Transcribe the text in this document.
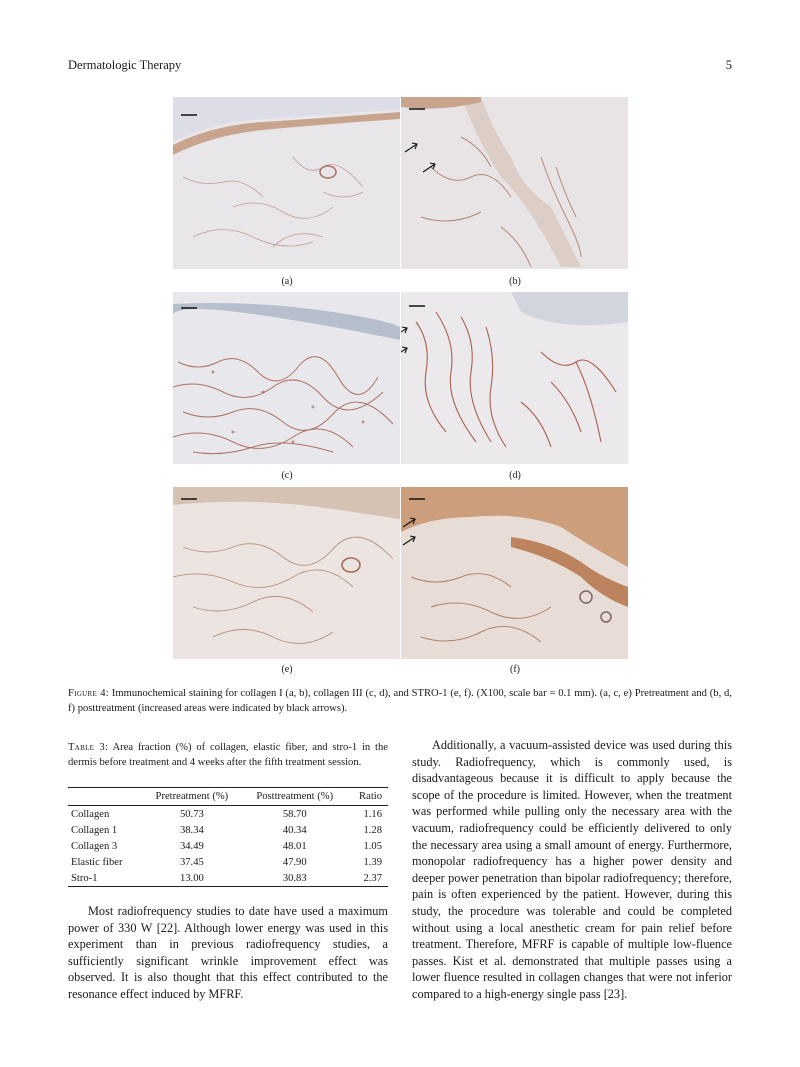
Dermatologic Therapy	5
(a)	(b)
(c)	(d)
(e)	(f)
Figure 4: Immunochemical staining for collagen I (a, b), collagen III (c, d), and STRO-1 (e, f). (X100, scale bar = 0.1 mm). (a, c, e) Pretreatment and (b, d, f) posttreatment (increased areas were indicated by black arrows).
Table 3: Area fraction (%) of collagen, elastic fiber, and stro-1 in the dermis before treatment and 4 weeks after the fifth treatment session.
	Pretreatment (%)	Posttreatment (%)	Ratio
Collagen	50.73	58.70	1.16
Collagen 1	38.34	40.34	1.28
Collagen 3	34.49	48.01	1.05
Elastic fiber	37.45	47.90	1.39
Stro-1	13.00	30.83	2.37

Most radiofrequency studies to date have used a maximum power of 330 W [22]. Although lower energy was used in this experiment than in previous radiofrequency studies, a sufficiently significant wrinkle improvement effect was observed. It is also thought that this effect contributed to the resonance effect induced by MFRF.

Additionally, a vacuum-assisted device was used during this study. Radiofrequency, which is commonly used, is disadvantageous because it is difficult to apply because the scope of the procedure is limited. However, when the treatment was performed while pulling only the necessary area with the vacuum, radiofrequency could be efficiently delivered to only the necessary area using a small amount of energy. Furthermore, monopolar radiofrequency has a higher power density and deeper power penetration than bipolar radiofrequency; therefore, pain is often experienced by the patient. However, during this study, the procedure was tolerable and could be completed without using a local anesthetic cream for pain relief before treatment. Therefore, MFRF is capable of multiple low-fluence passes. Kist et al. demonstrated that multiple passes using a lower fluence resulted in collagen changes that were not inferior compared to a high-energy single pass [23].
